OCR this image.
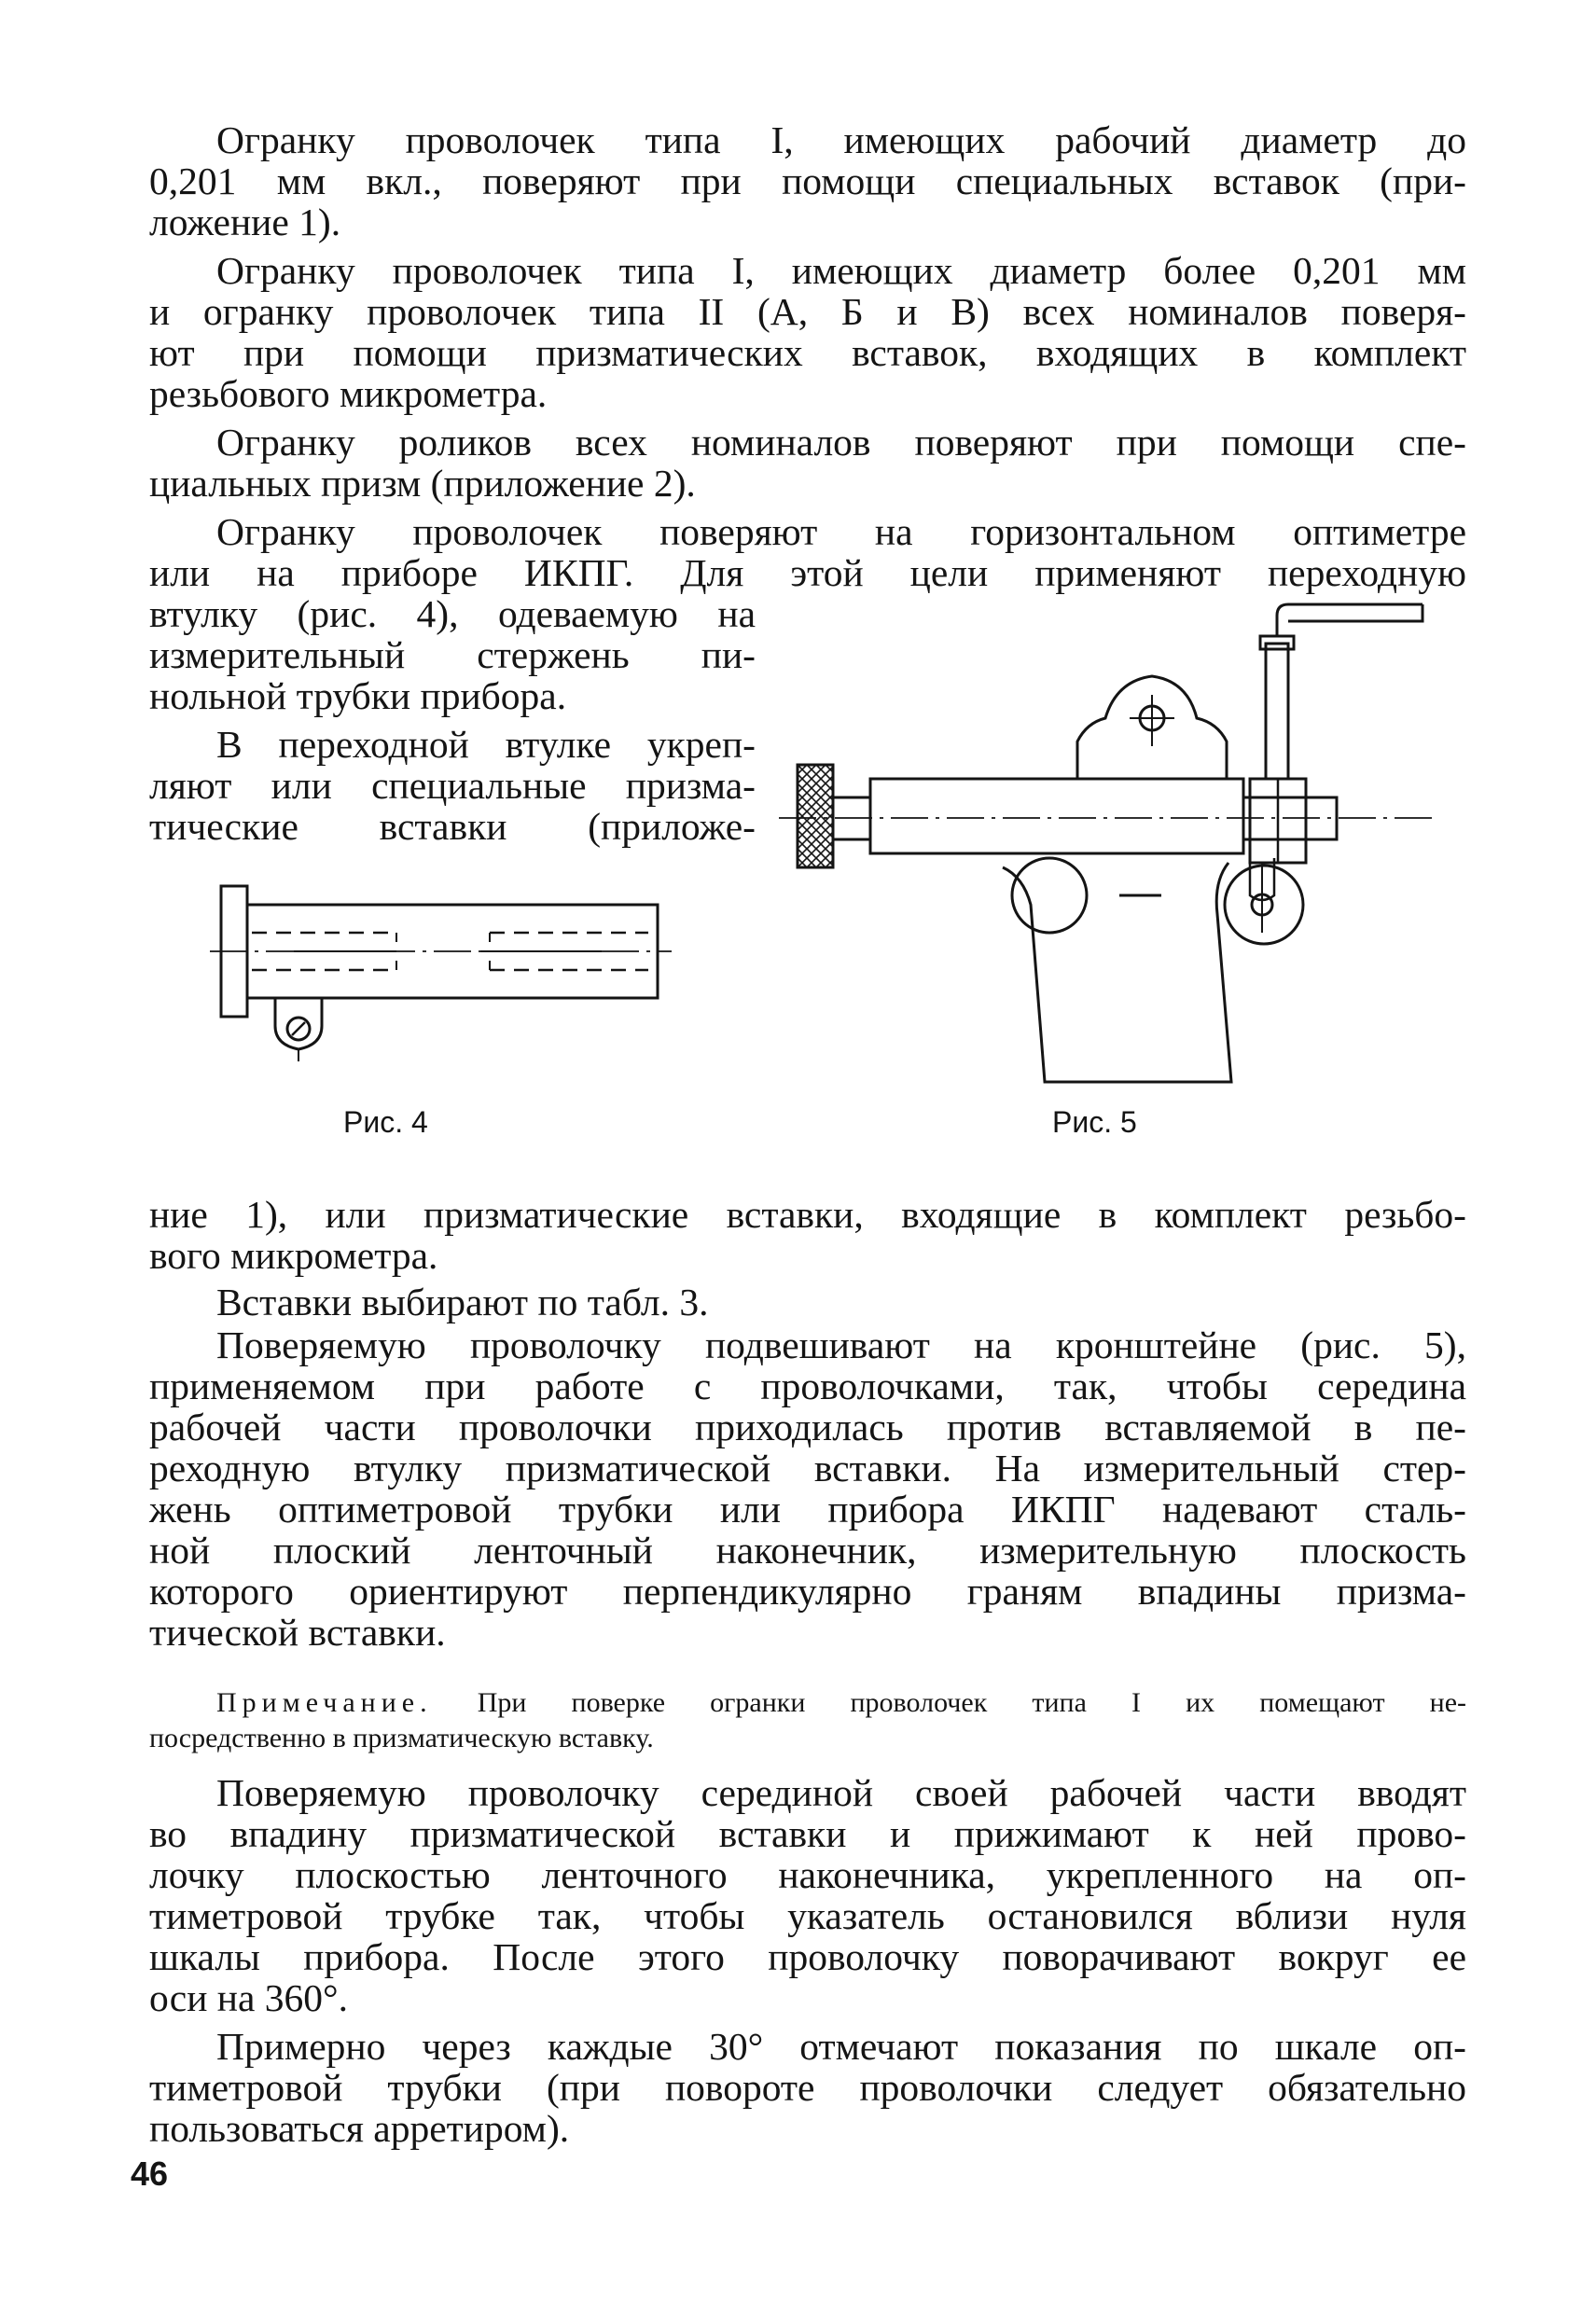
Огранку проволочек типа I, имеющих рабочий диаметр до

0,201 мм вкл., поверяют при помощи специальных вставок (при-

ложение 1).

Огранку проволочек типа I, имеющих диаметр более 0,201 мм

и огранку проволочек типа II (А, Б и В) всех номиналов поверя-

ют при помощи призматических вставок, входящих в комплект

резьбового микрометра.

Огранку роликов всех номиналов поверяют при помощи спе-

циальных призм (приложение 2).

Огранку проволочек поверяют на горизонтальном оптиметре

или на приборе ИКПГ. Для этой цели применяют переходную

втулку (рис. 4), одеваемую на

измерительный стержень пи-

нольной трубки прибора.

В переходной втулке укреп-

ляют или специальные призма-

тические вставки (приложе-

Рис. 4	Рис. 5

ние 1), или призматические вставки, входящие в комплект резьбо-

вого микрометра.

Вставки выбирают по табл. 3.

Поверяемую проволочку подвешивают на кронштейне (рис. 5),

применяемом при работе с проволочками, так, чтобы середина

рабочей части проволочки приходилась против вставляемой в пе-

реходную втулку призматической вставки. На измерительный стер-

жень оптиметровой трубки или прибора ИКПГ надевают сталь-

ной плоский ленточный наконечник, измерительную плоскость

которого ориентируют перпендикулярно граням впадины призма-

тической вставки.

Примечание. При поверке огранки проволочек типа I их помещают не-
посредственно в призматическую вставку.

Поверяемую проволочку серединой своей рабочей части вводят

во впадину призматической вставки и прижимают к ней прово-

лочку плоскостью ленточного наконечника, укрепленного на оп-

тиметровой трубке так, чтобы указатель остановился вблизи нуля

шкалы прибора. После этого проволочку поворачивают вокруг ее

оси на 360°.

Примерно через каждые 30° отмечают показания по шкале оп-

тиметровой трубки (при повороте проволочки следует обязательно

пользоваться арретиром).

46
